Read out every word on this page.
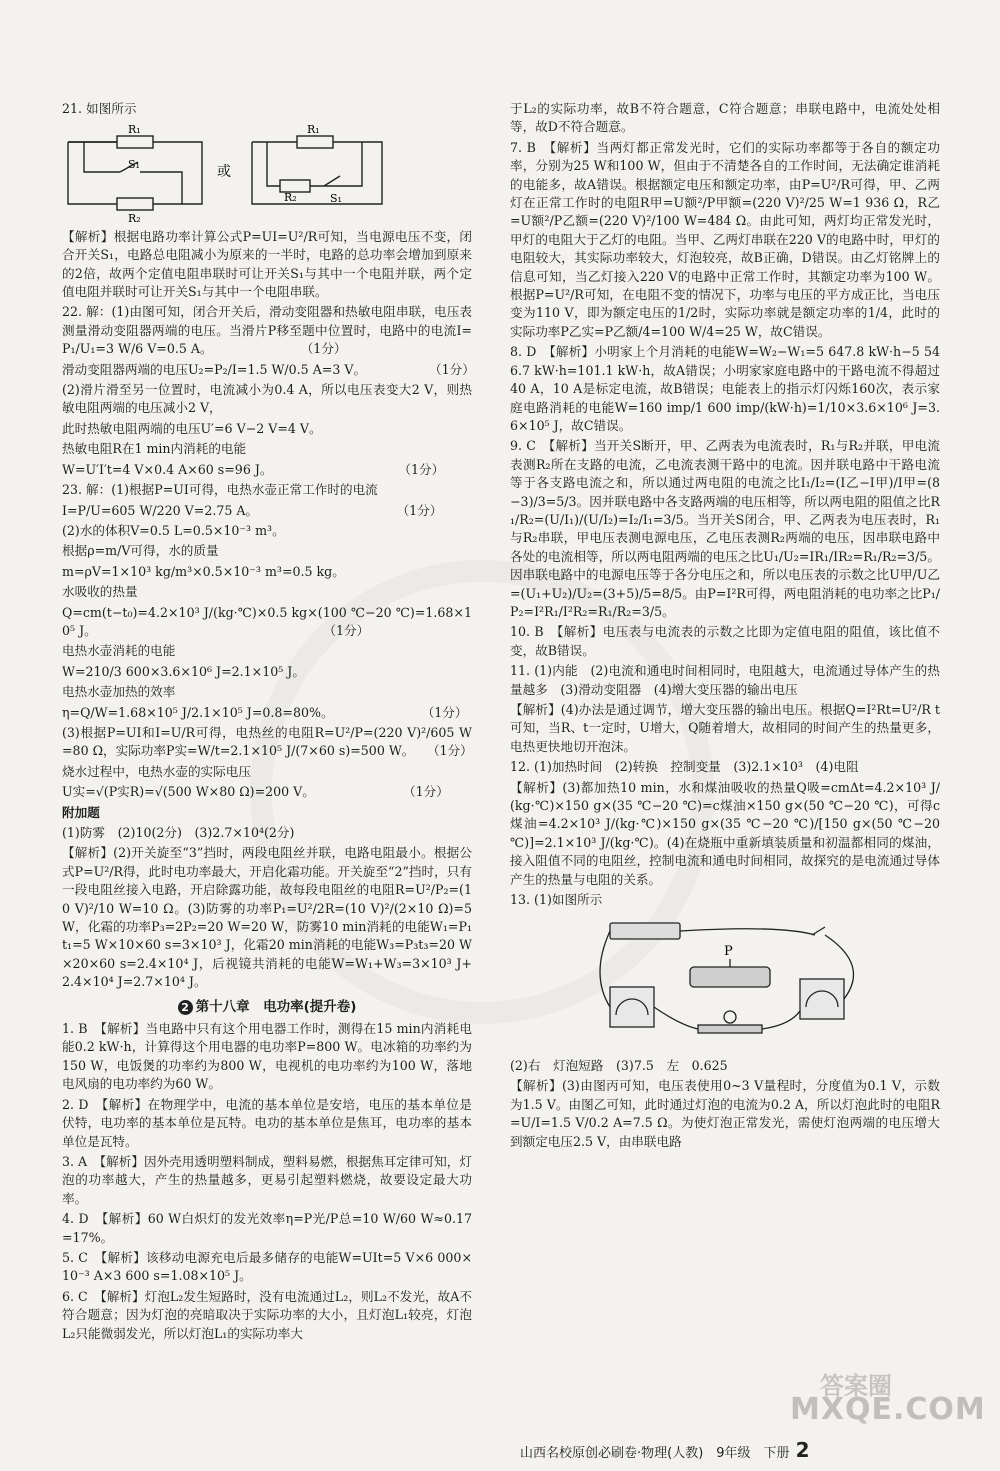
21. 如图所示

R₁
R₂
S₁	或
R₁
R₂	S₁

【解析】根据电路功率计算公式P=UI=U²/R可知，当电源电压不变，闭合开关S₁，电路总电阻减小为原来的一半时，电路的总功率会增加到原来的2倍，故两个定值电阻串联时可让开关S₁与其中一个电阻并联，两个定值电阻并联时可让开关S₁与其中一个电阻串联。

22. 解：(1)由图可知，闭合开关后，滑动变阻器和热敏电阻串联，电压表测量滑动变阻器两端的电压。当滑片P移至题中位置时，电路中的电流I=P₁/U₁=3 W/6 V=0.5 A。　　　　　　　　（1分）

滑动变阻器两端的电压U₂=P₂/I=1.5 W/0.5 A=3 V。　　　　　　（1分）

(2)滑片滑至另一位置时，电流减小为0.4 A，所以电压表变大2 V，则热敏电阻两端的电压减小2 V，

此时热敏电阻两端的电压U′=6 V−2 V=4 V。

热敏电阻R在1 min内消耗的电能

W=U′I′t=4 V×0.4 A×60 s=96 J。　　　　　　　　　　　（1分）

23. 解：(1)根据P=UI可得，电热水壶正常工作时的电流

I=P/U=605 W/220 V=2.75 A。　　　　　　　　　　　　（1分）

(2)水的体积V=0.5 L=0.5×10⁻³ m³。

根据ρ=m/V可得，水的质量

m=ρV=1×10³ kg/m³×0.5×10⁻³ m³=0.5 kg。

水吸收的热量

Q=cm(t−t₀)=4.2×10³ J/(kg·℃)×0.5 kg×(100 ℃−20 ℃)=1.68×10⁵ J。　　　　　　　　　　　　　　　　　　　（1分）

电热水壶消耗的电能

W=210/3 600×3.6×10⁶ J=2.1×10⁵ J。

电热水壶加热的效率

η=Q/W=1.68×10⁵ J/2.1×10⁵ J=0.8=80%。　　　　　　　　（1分）

(3)根据P=UI和I=U/R可得，电热丝的电阻R=U²/P=(220 V)²/605 W=80 Ω，实际功率P实=W/t=2.1×10⁵ J/(7×60 s)=500 W。　　（1分）

烧水过程中，电热水壶的实际电压

U实=√(P实R)=√(500 W×80 Ω)=200 V。　　　　　　　　（1分）

附加题

(1)防雾　(2)10(2分)　(3)2.7×10⁴(2分)

【解析】(2)开关旋至“3”挡时，两段电阻丝并联，电路电阻最小。根据公式P=U²/R得，此时电功率最大，开启化霜功能。开关旋至“2”挡时，只有一段电阻丝接入电路，开启除露功能，故每段电阻丝的电阻R=U²/P₂=(10 V)²/10 W=10 Ω。(3)防雾的功率P₁=U²/2R=(10 V)²/(2×10 Ω)=5 W，化霜的功率P₃=2P₂=20 W=20 W，防雾10 min消耗的电能W₁=P₁t₁=5 W×10×60 s=3×10³ J，化霜20 min消耗的电能W₃=P₃t₃=20 W×20×60 s=2.4×10⁴ J，后视镜共消耗的电能W=W₁+W₃=3×10³ J+2.4×10⁴ J=2.7×10⁴ J。

2 第十八章　电功率(提升卷)

1. B　【解析】当电路中只有这个用电器工作时，测得在15 min内消耗电能0.2 kW·h，计算得这个用电器的电功率P=800 W。电冰箱的功率约为150 W，电饭煲的功率约为800 W，电视机的电功率约为100 W，落地电风扇的电功率约为60 W。

2. D　【解析】在物理学中，电流的基本单位是安培，电压的基本单位是伏特，电功率的基本单位是瓦特。电功的基本单位是焦耳，电功率的基本单位是瓦特。

3. A　【解析】因外壳用透明塑料制成，塑料易燃，根据焦耳定律可知，灯泡的功率越大，产生的热量越多，更易引起塑料燃烧，故要设定最大功率。

4. D　【解析】60 W白炽灯的发光效率η=P光/P总=10 W/60 W≈0.17=17%。

5. C　【解析】该移动电源充电后最多储存的电能W=UIt=5 V×6 000×10⁻³ A×3 600 s=1.08×10⁵ J。

6. C　【解析】灯泡L₂发生短路时，没有电流通过L₂，则L₂不发光，故A不符合题意；因为灯泡的亮暗取决于实际功率的大小，且灯泡L₁较亮，灯泡L₂只能微弱发光，所以灯泡L₁的实际功率大

于L₂的实际功率，故B不符合题意，C符合题意；串联电路中，电流处处相等，故D不符合题意。

7. B　【解析】当两灯都正常发光时，它们的实际功率都等于各自的额定功率，分别为25 W和100 W，但由于不清楚各自的工作时间，无法确定谁消耗的电能多，故A错误。根据额定电压和额定功率，由P=U²/R可得，甲、乙两灯在正常工作时的电阻R甲=U额²/P甲额=(220 V)²/25 W=1 936 Ω，R乙=U额²/P乙额=(220 V)²/100 W=484 Ω。由此可知，两灯均正常发光时，甲灯的电阻大于乙灯的电阻。当甲、乙两灯串联在220 V的电路中时，甲灯的电阻较大，其实际功率较大，灯泡较亮，故B正确，D错误。由乙灯铭牌上的信息可知，当乙灯接入220 V的电路中正常工作时，其额定功率为100 W。根据P=U²/R可知，在电阻不变的情况下，功率与电压的平方成正比，当电压变为110 V，即为额定电压的1/2时，实际功率就是额定功率的1/4，此时的实际功率P乙实=P乙额/4=100 W/4=25 W，故C错误。

8. D　【解析】小明家上个月消耗的电能W=W₂−W₁=5 647.8 kW·h−5 546.7 kW·h=101.1 kW·h，故A错误；小明家家庭电路中的干路电流不得超过40 A，10 A是标定电流，故B错误；电能表上的指示灯闪烁160次，表示家庭电路消耗的电能W=160 imp/1 600 imp/(kW·h)=1/10×3.6×10⁶ J=3.6×10⁵ J，故C错误。

9. C　【解析】当开关S断开，甲、乙两表为电流表时，R₁与R₂并联，甲电流表测R₂所在支路的电流，乙电流表测干路中的电流。因并联电路中干路电流等于各支路电流之和，所以通过两电阻的电流之比I₁/I₂=(I乙−I甲)/I甲=(8−3)/3=5/3。因并联电路中各支路两端的电压相等，所以两电阻的阻值之比R₁/R₂=(U/I₁)/(U/I₂)=I₂/I₁=3/5。当开关S闭合，甲、乙两表为电压表时，R₁与R₂串联，甲电压表测电源电压，乙电压表测R₂两端的电压，因串联电路中各处的电流相等，所以两电阻两端的电压之比U₁/U₂=IR₁/IR₂=R₁/R₂=3/5。因串联电路中的电源电压等于各分电压之和，所以电压表的示数之比U甲/U乙=(U₁+U₂)/U₂=(3+5)/5=8/5。由P=I²R可得，两电阻消耗的电功率之比P₁/P₂=I²R₁/I²R₂=R₁/R₂=3/5。

10. B　【解析】电压表与电流表的示数之比即为定值电阻的阻值，该比值不变，故B错误。

11. (1)内能　(2)电流和通电时间相同时，电阻越大，电流通过导体产生的热量越多　(3)滑动变阻器　(4)增大变压器的输出电压

【解析】(4)办法是通过调节，增大变压器的输出电压。根据Q=I²Rt=U²/R t可知，当R、t一定时，U增大，Q随着增大，故相同的时间产生的热量更多，电热更快地切开泡沫。

12. (1)加热时间　(2)转换　控制变量　(3)2.1×10³　(4)电阻

【解析】(3)都加热10 min，水和煤油吸收的热量Q吸=cmΔt=4.2×10³ J/(kg·℃)×150 g×(35 ℃−20 ℃)=c煤油×150 g×(50 ℃−20 ℃)，可得c煤油=4.2×10³ J/(kg·℃)×150 g×(35 ℃−20 ℃)/[150 g×(50 ℃−20 ℃)]=2.1×10³ J/(kg·℃)。(4)在烧瓶中重新填装质量和初温都相同的煤油，接入阻值不同的电阻丝，控制电流和通电时间相同，故探究的是电流通过导体产生的热量与电阻的关系。

13. (1)如图所示

P

(2)右　灯泡短路　(3)7.5　左　0.625

【解析】(3)由图丙可知，电压表使用0~3 V量程时，分度值为0.1 V，示数为1.5 V。由图乙可知，此时通过灯泡的电流为0.2 A，所以灯泡此时的电阻R=U/I=1.5 V/0.2 A=7.5 Ω。为使灯泡正常发光，需使灯泡两端的电压增大到额定电压2.5 V，由串联电路

答案圈
MXQE.COM
山西名校原创必刷卷·物理(人教)　9年级　下册 2
